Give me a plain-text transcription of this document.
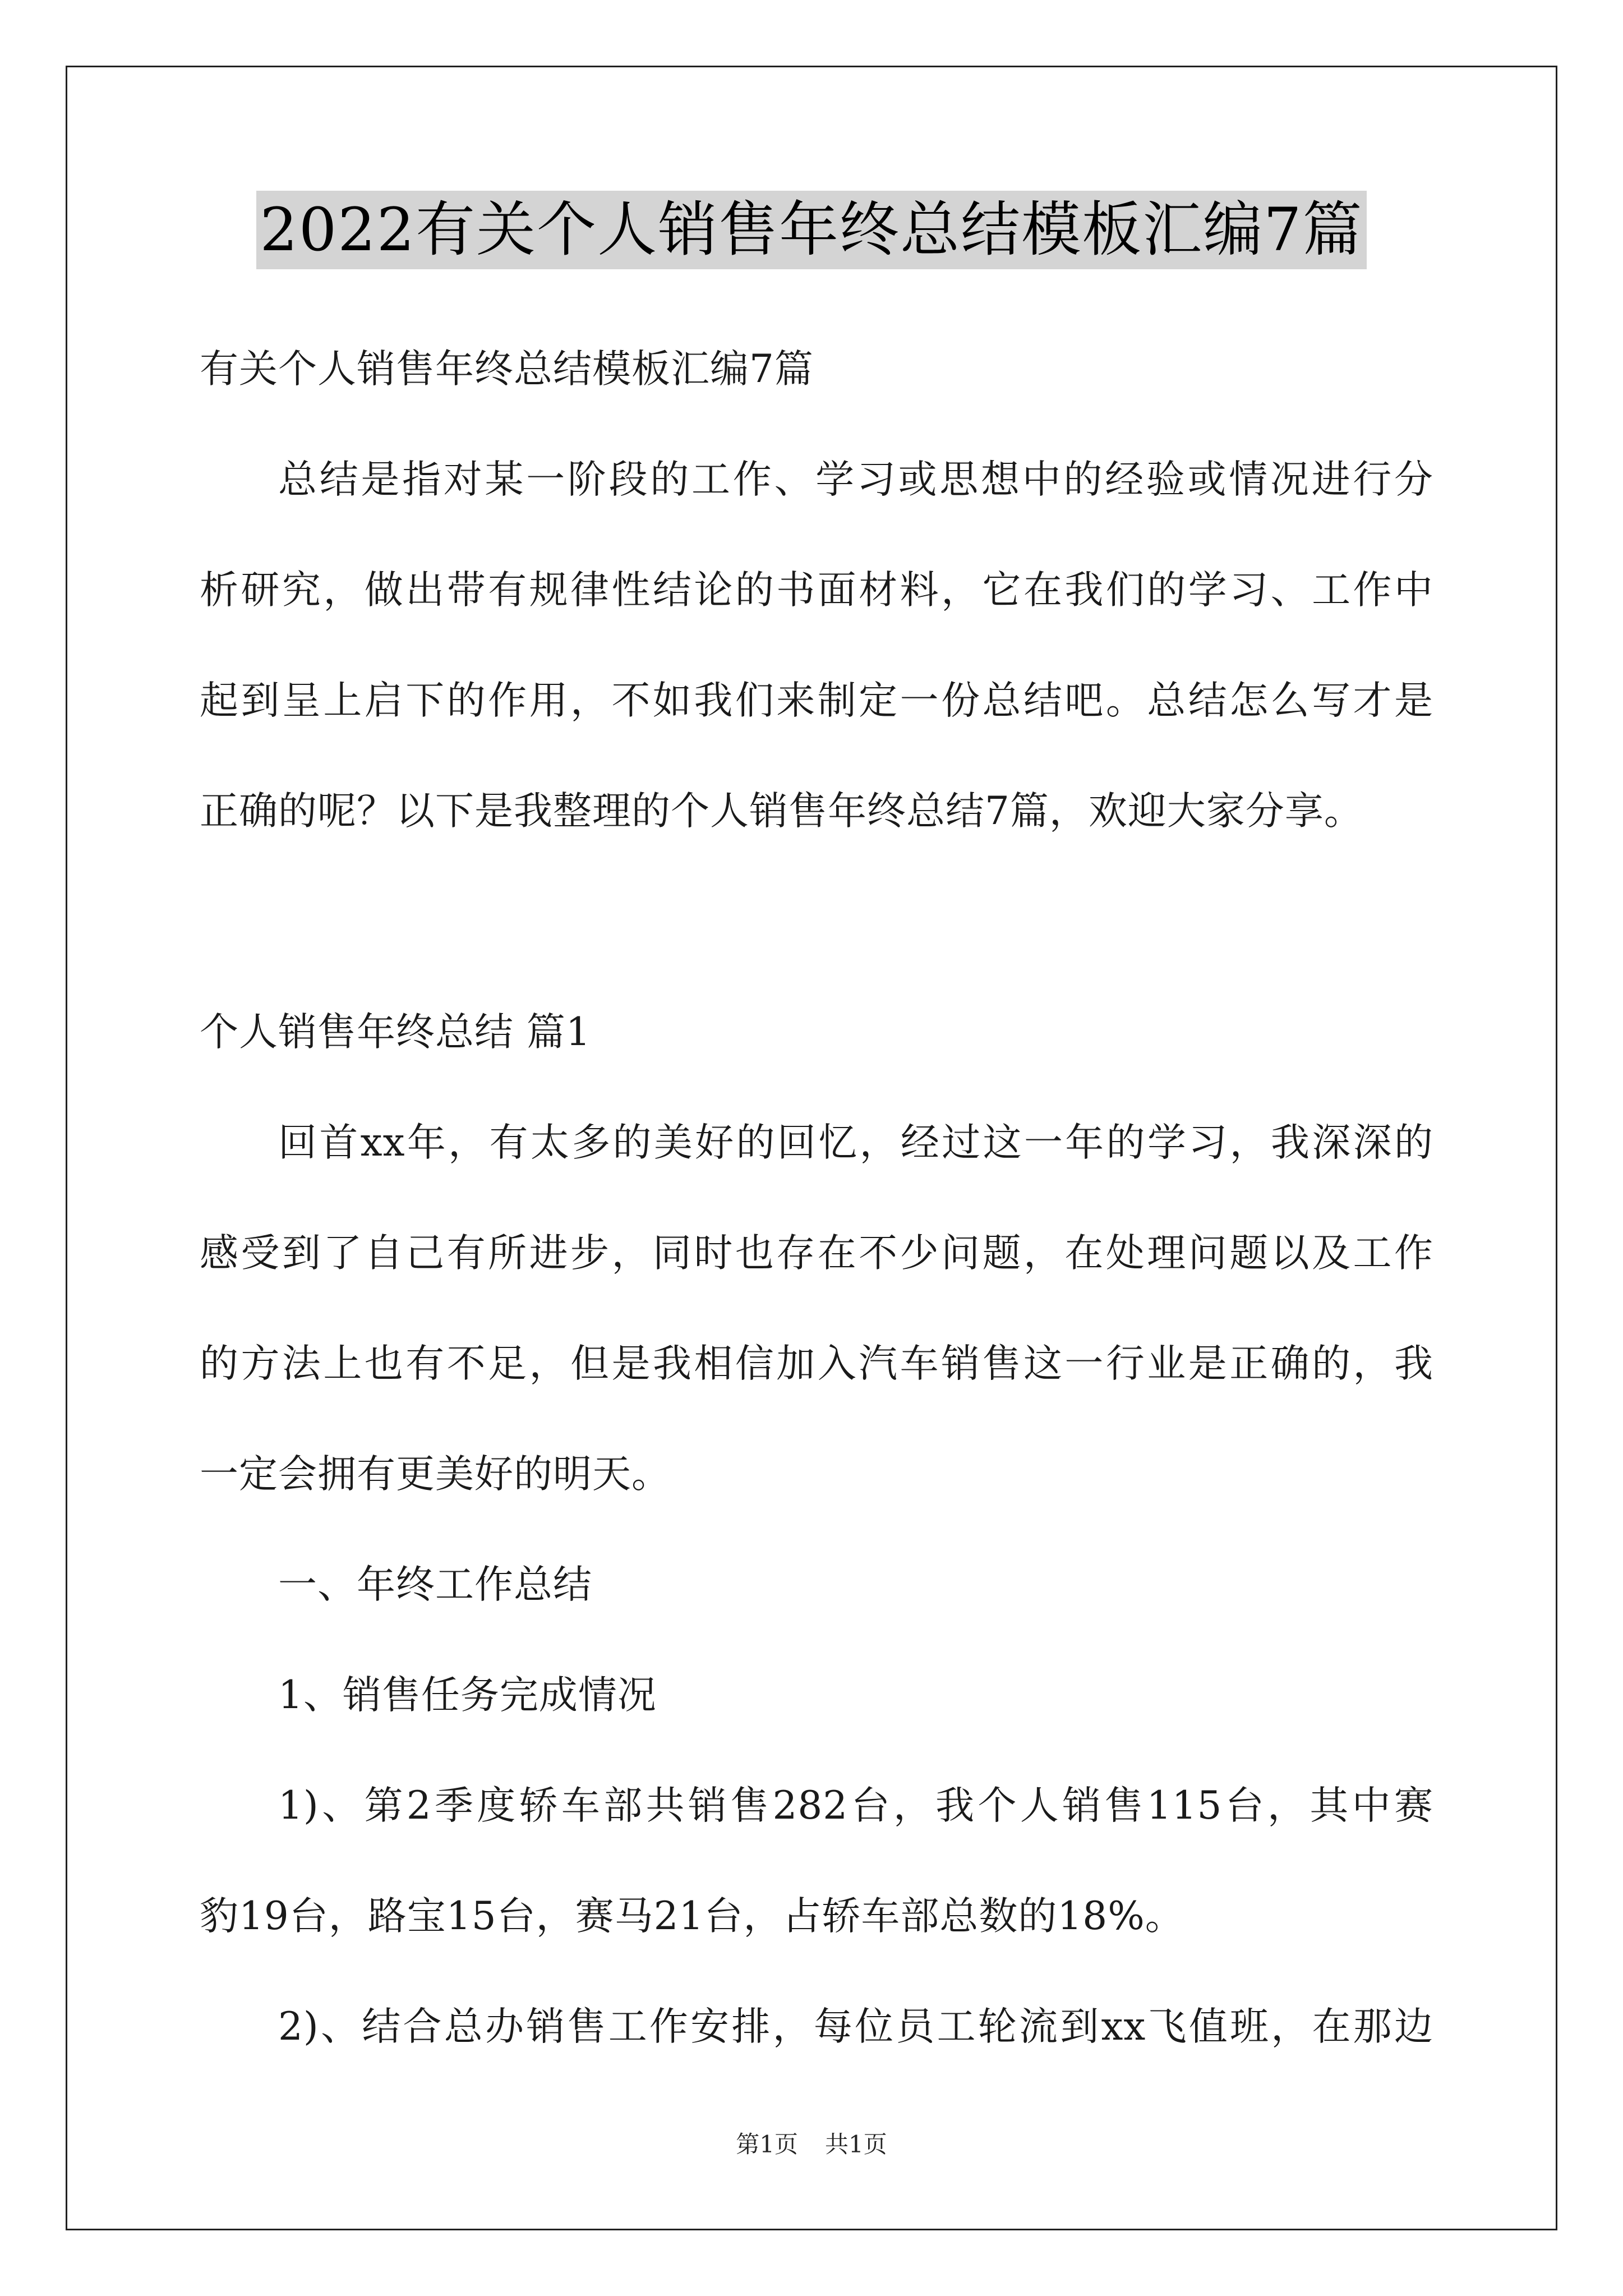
2022有关个人销售年终总结模板汇编7篇
有关个人销售年终总结模板汇编7篇
总结是指对某一阶段的工作、学习或思想中的经验或情况进行分
析研究，做出带有规律性结论的书面材料，它在我们的学习、工作中
起到呈上启下的作用，不如我们来制定一份总结吧。总结怎么写才是
正确的呢？以下是我整理的个人销售年终总结7篇，欢迎大家分享。
个人销售年终总结 篇1
回首xx年，有太多的美好的回忆，经过这一年的学习，我深深的
感受到了自己有所进步，同时也存在不少问题，在处理问题以及工作
的方法上也有不足，但是我相信加入汽车销售这一行业是正确的，我
一定会拥有更美好的明天。
一、年终工作总结
1、销售任务完成情况
1)、第2季度轿车部共销售282台，我个人销售115台，其中赛
豹19台，路宝15台，赛马21台，占轿车部总数的18%。
2)、结合总办销售工作安排，每位员工轮流到xx飞值班，在那边
第1页 共1页
